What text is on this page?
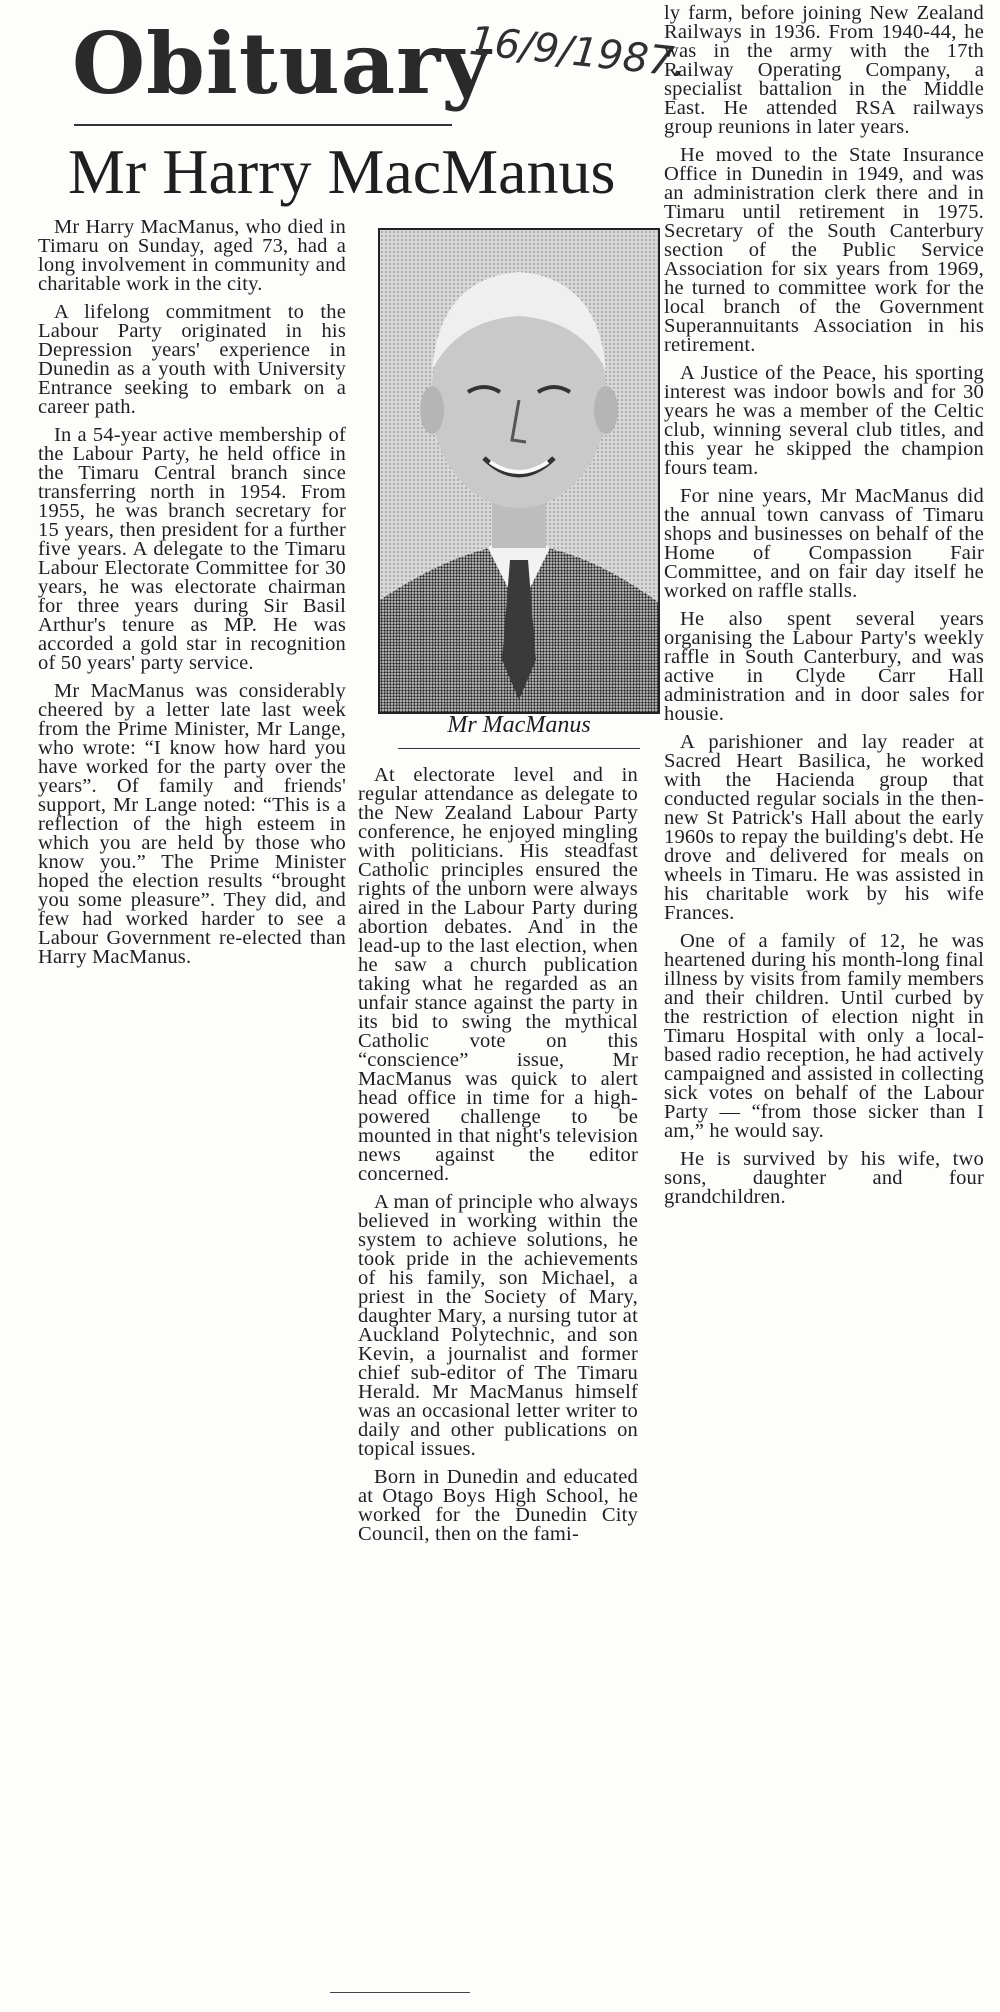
Obituary
16/9/1987.
Mr Harry MacManus

Mr Harry MacManus, who died in Timaru on Sunday, aged 73, had a long involvement in community and charitable work in the city.

A lifelong commitment to the Labour Party originated in his Depression years' experience in Dunedin as a youth with University Entrance seeking to embark on a career path.

In a 54-year active membership of the Labour Party, he held office in the Timaru Central branch since transferring north in 1954. From 1955, he was branch secretary for 15 years, then president for a further five years. A delegate to the Timaru Labour Electorate Committee for 30 years, he was electorate chairman for three years during Sir Basil Arthur's tenure as MP. He was accorded a gold star in recognition of 50 years' party service.

Mr MacManus was considerably cheered by a letter late last week from the Prime Minister, Mr Lange, who wrote: “I know how hard you have worked for the party over the years”. Of family and friends' support, Mr Lange noted: “This is a reflection of the high esteem in which you are held by those who know you.” The Prime Minister hoped the election results “brought you some pleasure”. They did, and few had worked harder to see a Labour Government re-elected than Harry MacManus.

Mr MacManus

At electorate level and in regular attendance as delegate to the New Zealand Labour Party conference, he enjoyed mingling with politicians. His steadfast Catholic principles ensured the rights of the unborn were always aired in the Labour Party during abortion debates. And in the lead-up to the last election, when he saw a church publication taking what he regarded as an unfair stance against the party in its bid to swing the mythical Catholic vote on this “conscience” issue, Mr MacManus was quick to alert head office in time for a high-powered challenge to be mounted in that night's television news against the editor concerned.

A man of principle who always believed in working within the system to achieve solutions, he took pride in the achievements of his family, son Michael, a priest in the Society of Mary, daughter Mary, a nursing tutor at Auckland Polytechnic, and son Kevin, a journalist and former chief sub-editor of The Timaru Herald. Mr MacManus himself was an occasional letter writer to daily and other publications on topical issues.

Born in Dunedin and educated at Otago Boys High School, he worked for the Dunedin City Council, then on the fami-

ly farm, before joining New Zealand Railways in 1936. From 1940-44, he was in the army with the 17th Railway Operating Company, a specialist battalion in the Middle East. He attended RSA railways group reunions in later years.

He moved to the State Insurance Office in Dunedin in 1949, and was an administration clerk there and in Timaru until retirement in 1975. Secretary of the South Canterbury section of the Public Service Association for six years from 1969, he turned to committee work for the local branch of the Government Superannuitants Association in his retirement.

A Justice of the Peace, his sporting interest was indoor bowls and for 30 years he was a member of the Celtic club, winning several club titles, and this year he skipped the champion fours team.

For nine years, Mr MacManus did the annual town canvass of Timaru shops and businesses on behalf of the Home of Compassion Fair Committee, and on fair day itself he worked on raffle stalls.

He also spent several years organising the Labour Party's weekly raffle in South Canterbury, and was active in Clyde Carr Hall administration and in door sales for housie.

A parishioner and lay reader at Sacred Heart Basilica, he worked with the Hacienda group that conducted regular socials in the then-new St Patrick's Hall about the early 1960s to repay the building's debt. He drove and delivered for meals on wheels in Timaru. He was assisted in his charitable work by his wife Frances.

One of a family of 12, he was heartened during his month-long final illness by visits from family members and their children. Until curbed by the restriction of election night in Timaru Hospital with only a local-based radio reception, he had actively campaigned and assisted in collecting sick votes on behalf of the Labour Party — “from those sicker than I am,” he would say.

He is survived by his wife, two sons, daughter and four grandchildren.
